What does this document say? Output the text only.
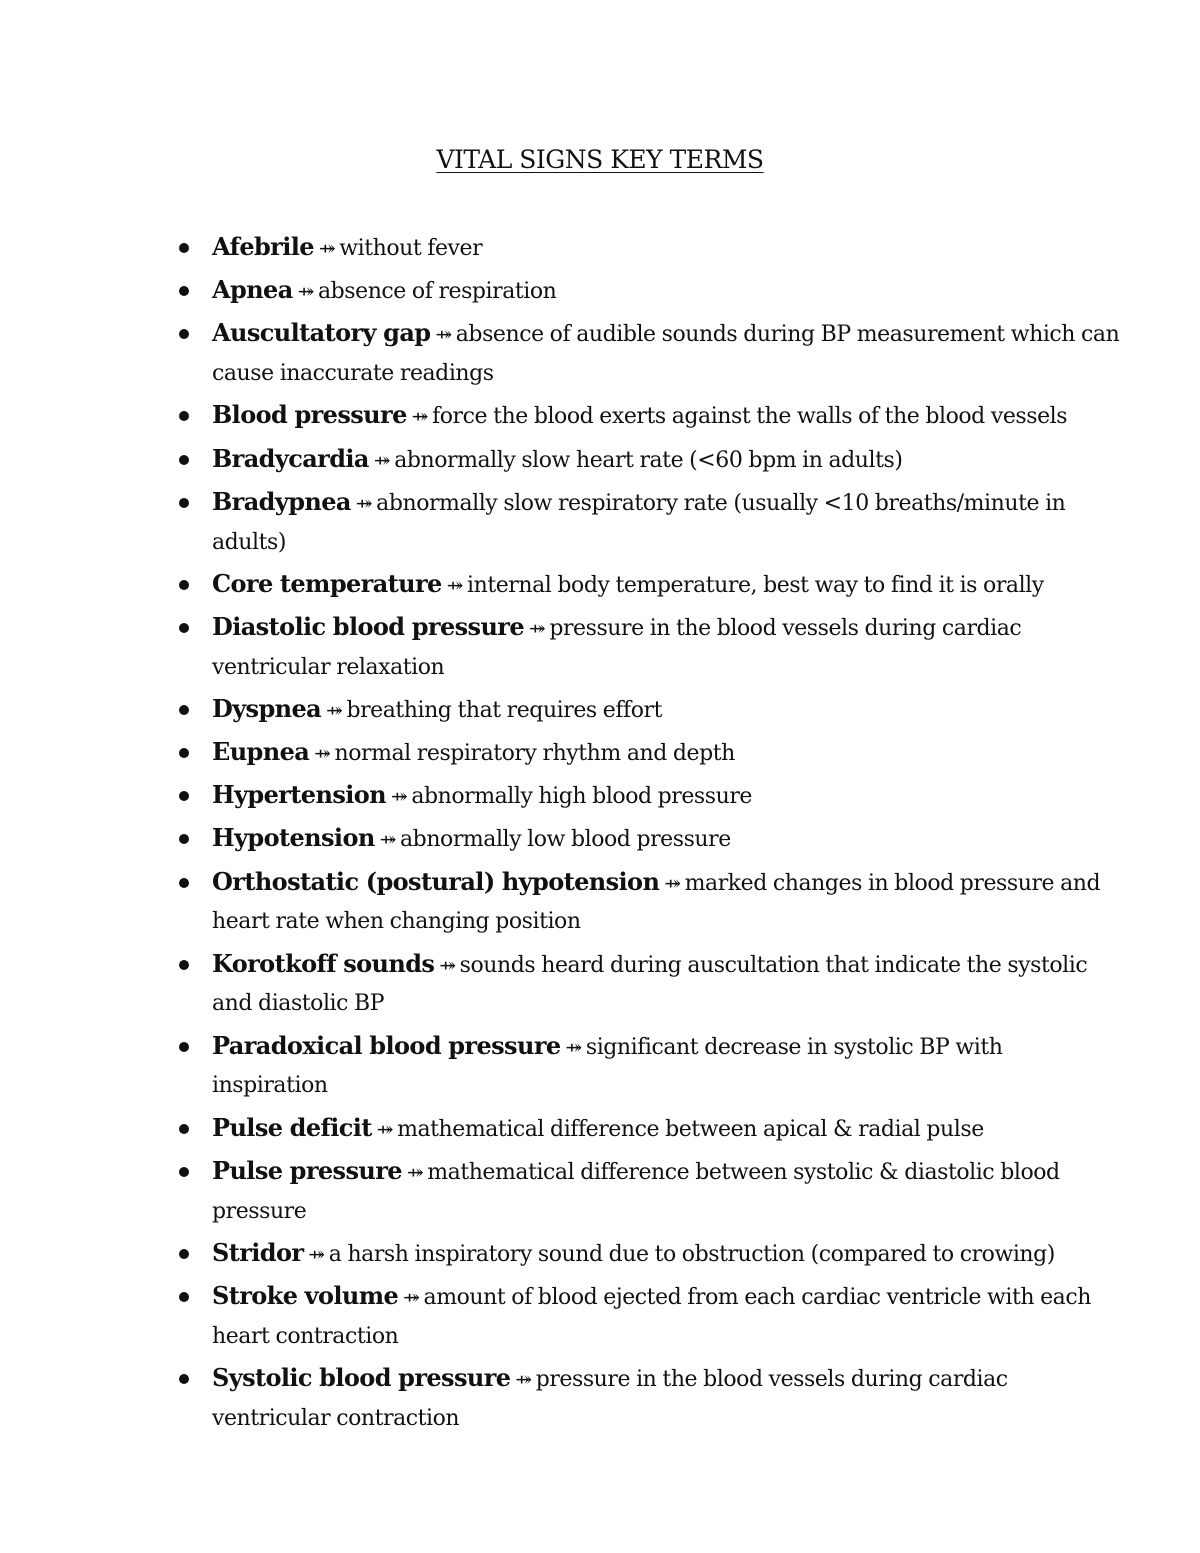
VITAL SIGNS KEY TERMS
Afebrile ⤀ without fever
Apnea ⤀ absence of respiration
Auscultatory gap ⤀ absence of audible sounds during BP measurement which can cause inaccurate readings
Blood pressure ⤀ force the blood exerts against the walls of the blood vessels
Bradycardia ⤀ abnormally slow heart rate (<60 bpm in adults)
Bradypnea ⤀ abnormally slow respiratory rate (usually <10 breaths/minute in adults)
Core temperature ⤀ internal body temperature, best way to find it is orally
Diastolic blood pressure ⤀ pressure in the blood vessels during cardiac ventricular relaxation
Dyspnea ⤀ breathing that requires effort
Eupnea ⤀ normal respiratory rhythm and depth
Hypertension ⤀ abnormally high blood pressure
Hypotension ⤀ abnormally low blood pressure
Orthostatic (postural) hypotension ⤀ marked changes in blood pressure and heart rate when changing position
Korotkoff sounds ⤀ sounds heard during auscultation that indicate the systolic and diastolic BP
Paradoxical blood pressure ⤀ significant decrease in systolic BP with inspiration
Pulse deficit ⤀ mathematical difference between apical & radial pulse
Pulse pressure ⤀ mathematical difference between systolic & diastolic blood pressure
Stridor ⤀ a harsh inspiratory sound due to obstruction (compared to crowing)
Stroke volume ⤀ amount of blood ejected from each cardiac ventricle with each heart contraction
Systolic blood pressure ⤀ pressure in the blood vessels during cardiac ventricular contraction
